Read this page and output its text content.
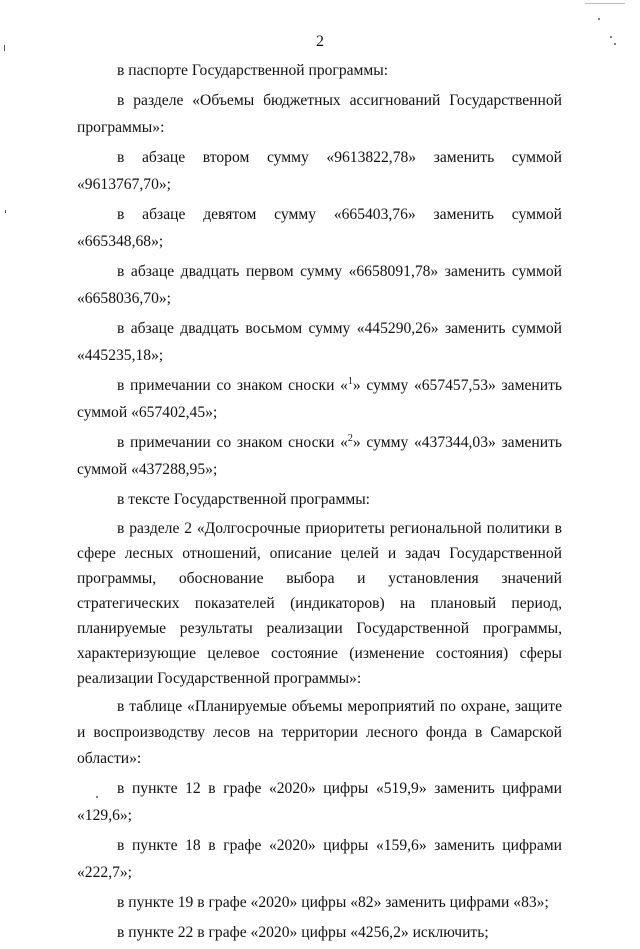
2

в паспорте Государственной программы:

в разделе «Объемы бюджетных ассигнований Государственной программы»:

в абзаце втором сумму «9613822,78» заменить суммой «9613767,70»;

в абзаце девятом сумму «665403,76» заменить суммой «665348,68»;

в абзаце двадцать первом сумму «6658091,78» заменить суммой «6658036,70»;

в абзаце двадцать восьмом сумму «445290,26» заменить суммой «445235,18»;

в примечании со знаком сноски «$^1$» сумму «657457,53» заменить суммой «657402,45»;

в примечании со знаком сноски «$^2$» сумму «437344,03» заменить суммой «437288,95»;

в тексте Государственной программы:

в разделе 2 «Долгосрочные приоритеты региональной политики в сфере лесных отношений, описание целей и задач Государственной программы, обоснование выбора и установления значений стратегических показателей (индикаторов) на плановый период, планируемые результаты реализации Государственной программы, характеризующие целевое состояние (изменение состояния) сферы реализации Государственной программы»:

в таблице «Планируемые объемы мероприятий по охране, защите и воспроизводству лесов на территории лесного фонда в Самарской области»:

в пункте 12 в графе «2020» цифры «519,9» заменить цифрами «129,6»;

в пункте 18 в графе «2020» цифры «159,6» заменить цифрами «222,7»;

в пункте 19 в графе «2020» цифры «82» заменить цифрами «83»;

в пункте 22 в графе «2020» цифры «4256,2» исключить;
